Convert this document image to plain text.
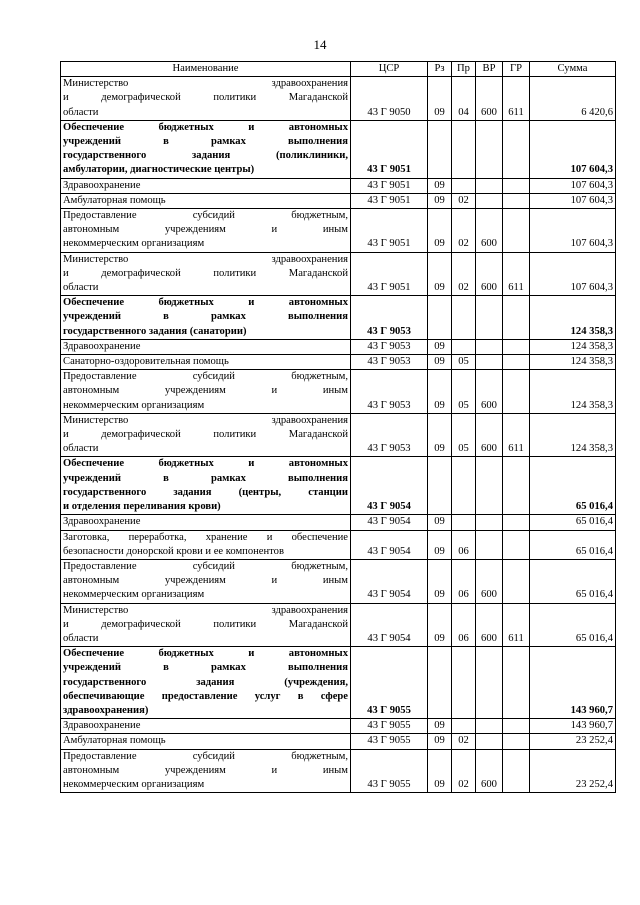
14
Наименование	ЦСР	Рз	Пр	ВР	ГР	Сумма

Министерство здравоохранения
и демографической политики Магаданской
области	43 Г 9050	09	04	600	611	6 420,6

Обеспечение бюджетных и автономных
учреждений в рамках выполнения
государственного задания (поликлиники,
амбулатории, диагностические центры)	43 Г 9051					107 604,3

Здравоохранение	43 Г 9051	09				107 604,3

Амбулаторная помощь	43 Г 9051	09	02			107 604,3

Предоставление субсидий бюджетным,
автономным учреждениям и иным
некоммерческим организациям	43 Г 9051	09	02	600		107 604,3

Министерство здравоохранения
и демографической политики Магаданской
области	43 Г 9051	09	02	600	611	107 604,3

Обеспечение бюджетных и автономных
учреждений в рамках выполнения
государственного задания (санатории)	43 Г 9053					124 358,3

Здравоохранение	43 Г 9053	09				124 358,3

Санаторно-оздоровительная помощь	43 Г 9053	09	05			124 358,3

Предоставление субсидий бюджетным,
автономным учреждениям и иным
некоммерческим организациям	43 Г 9053	09	05	600		124 358,3

Министерство здравоохранения
и демографической политики Магаданской
области	43 Г 9053	09	05	600	611	124 358,3

Обеспечение бюджетных и автономных
учреждений в рамках выполнения
государственного задания (центры, станции
и отделения переливания крови)	43 Г 9054					65 016,4

Здравоохранение	43 Г 9054	09				65 016,4

Заготовка, переработка, хранение и обеспечение
безопасности донорской крови и ее компонентов	43 Г 9054	09	06			65 016,4

Предоставление субсидий бюджетным,
автономным учреждениям и иным
некоммерческим организациям	43 Г 9054	09	06	600		65 016,4

Министерство здравоохранения
и демографической политики Магаданской
области	43 Г 9054	09	06	600	611	65 016,4

Обеспечение бюджетных и автономных
учреждений в рамках выполнения
государственного задания (учреждения,
обеспечивающие предоставление услуг в сфере
здравоохранения)	43 Г 9055					143 960,7

Здравоохранение	43 Г 9055	09				143 960,7

Амбулаторная помощь	43 Г 9055	09	02			23 252,4

Предоставление субсидий бюджетным,
автономным учреждениям и иным
некоммерческим организациям	43 Г 9055	09	02	600		23 252,4
